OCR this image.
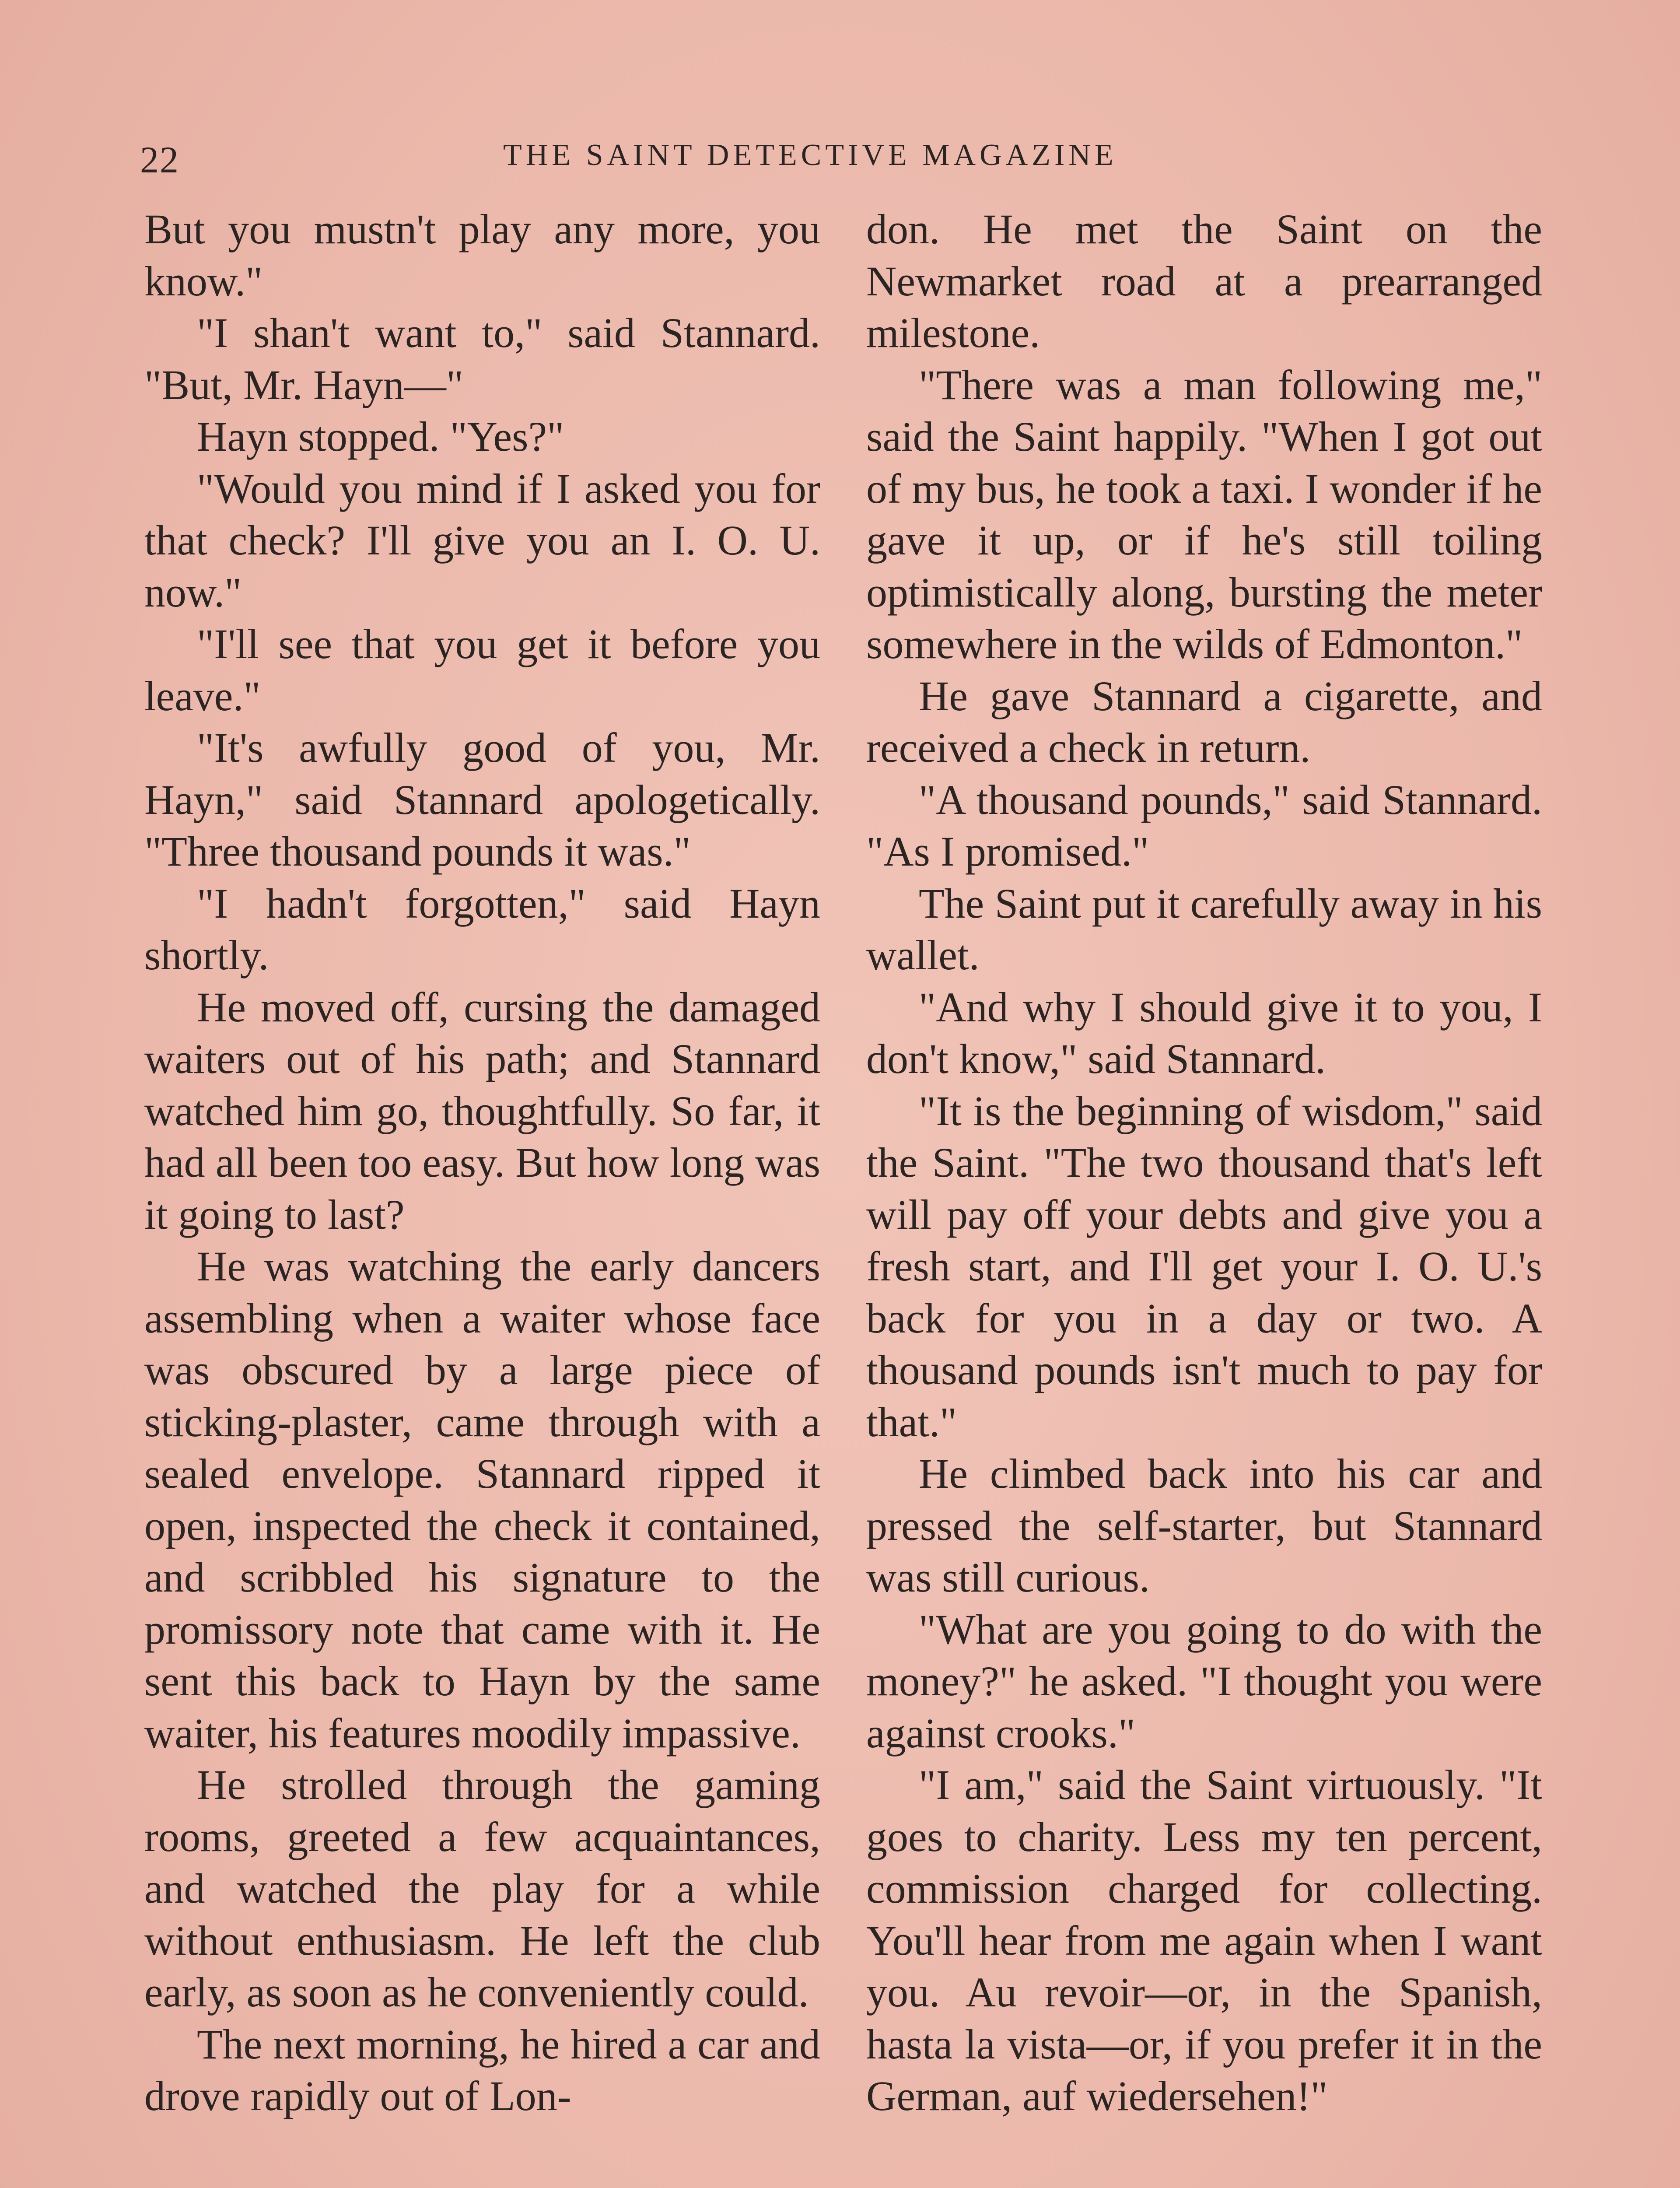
22	THE SAINT DETECTIVE MAGAZINE

But you mustn't play any more, you know."

"I shan't want to," said Stannard. "But, Mr. Hayn—"

Hayn stopped. "Yes?"

"Would you mind if I asked you for that check? I'll give you an I. O. U. now."

"I'll see that you get it before you leave."

"It's awfully good of you, Mr. Hayn," said Stannard apologetically. "Three thousand pounds it was."

"I hadn't forgotten," said Hayn shortly.

He moved off, cursing the damaged waiters out of his path; and Stannard watched him go, thoughtfully. So far, it had all been too easy. But how long was it going to last?

He was watching the early dancers assembling when a waiter whose face was obscured by a large piece of sticking-plaster, came through with a sealed envelope. Stannard ripped it open, inspected the check it contained, and scribbled his signature to the promissory note that came with it. He sent this back to Hayn by the same waiter, his features moodily impassive.

He strolled through the gaming rooms, greeted a few acquaintances, and watched the play for a while without enthusiasm. He left the club early, as soon as he conveniently could.

The next morning, he hired a car and drove rapidly out of Lon-

don. He met the Saint on the Newmarket road at a prearranged milestone.

"There was a man following me," said the Saint happily. "When I got out of my bus, he took a taxi. I wonder if he gave it up, or if he's still toiling optimistically along, bursting the meter somewhere in the wilds of Edmonton."

He gave Stannard a cigarette, and received a check in return.

"A thousand pounds," said Stannard. "As I promised."

The Saint put it carefully away in his wallet.

"And why I should give it to you, I don't know," said Stannard.

"It is the beginning of wisdom," said the Saint. "The two thousand that's left will pay off your debts and give you a fresh start, and I'll get your I. O. U.'s back for you in a day or two. A thousand pounds isn't much to pay for that."

He climbed back into his car and pressed the self-starter, but Stannard was still curious.

"What are you going to do with the money?" he asked. "I thought you were against crooks."

"I am," said the Saint virtuously. "It goes to charity. Less my ten percent, commission charged for collecting. You'll hear from me again when I want you. Au revoir—or, in the Spanish, hasta la vista—or, if you prefer it in the German, auf wiedersehen!"
